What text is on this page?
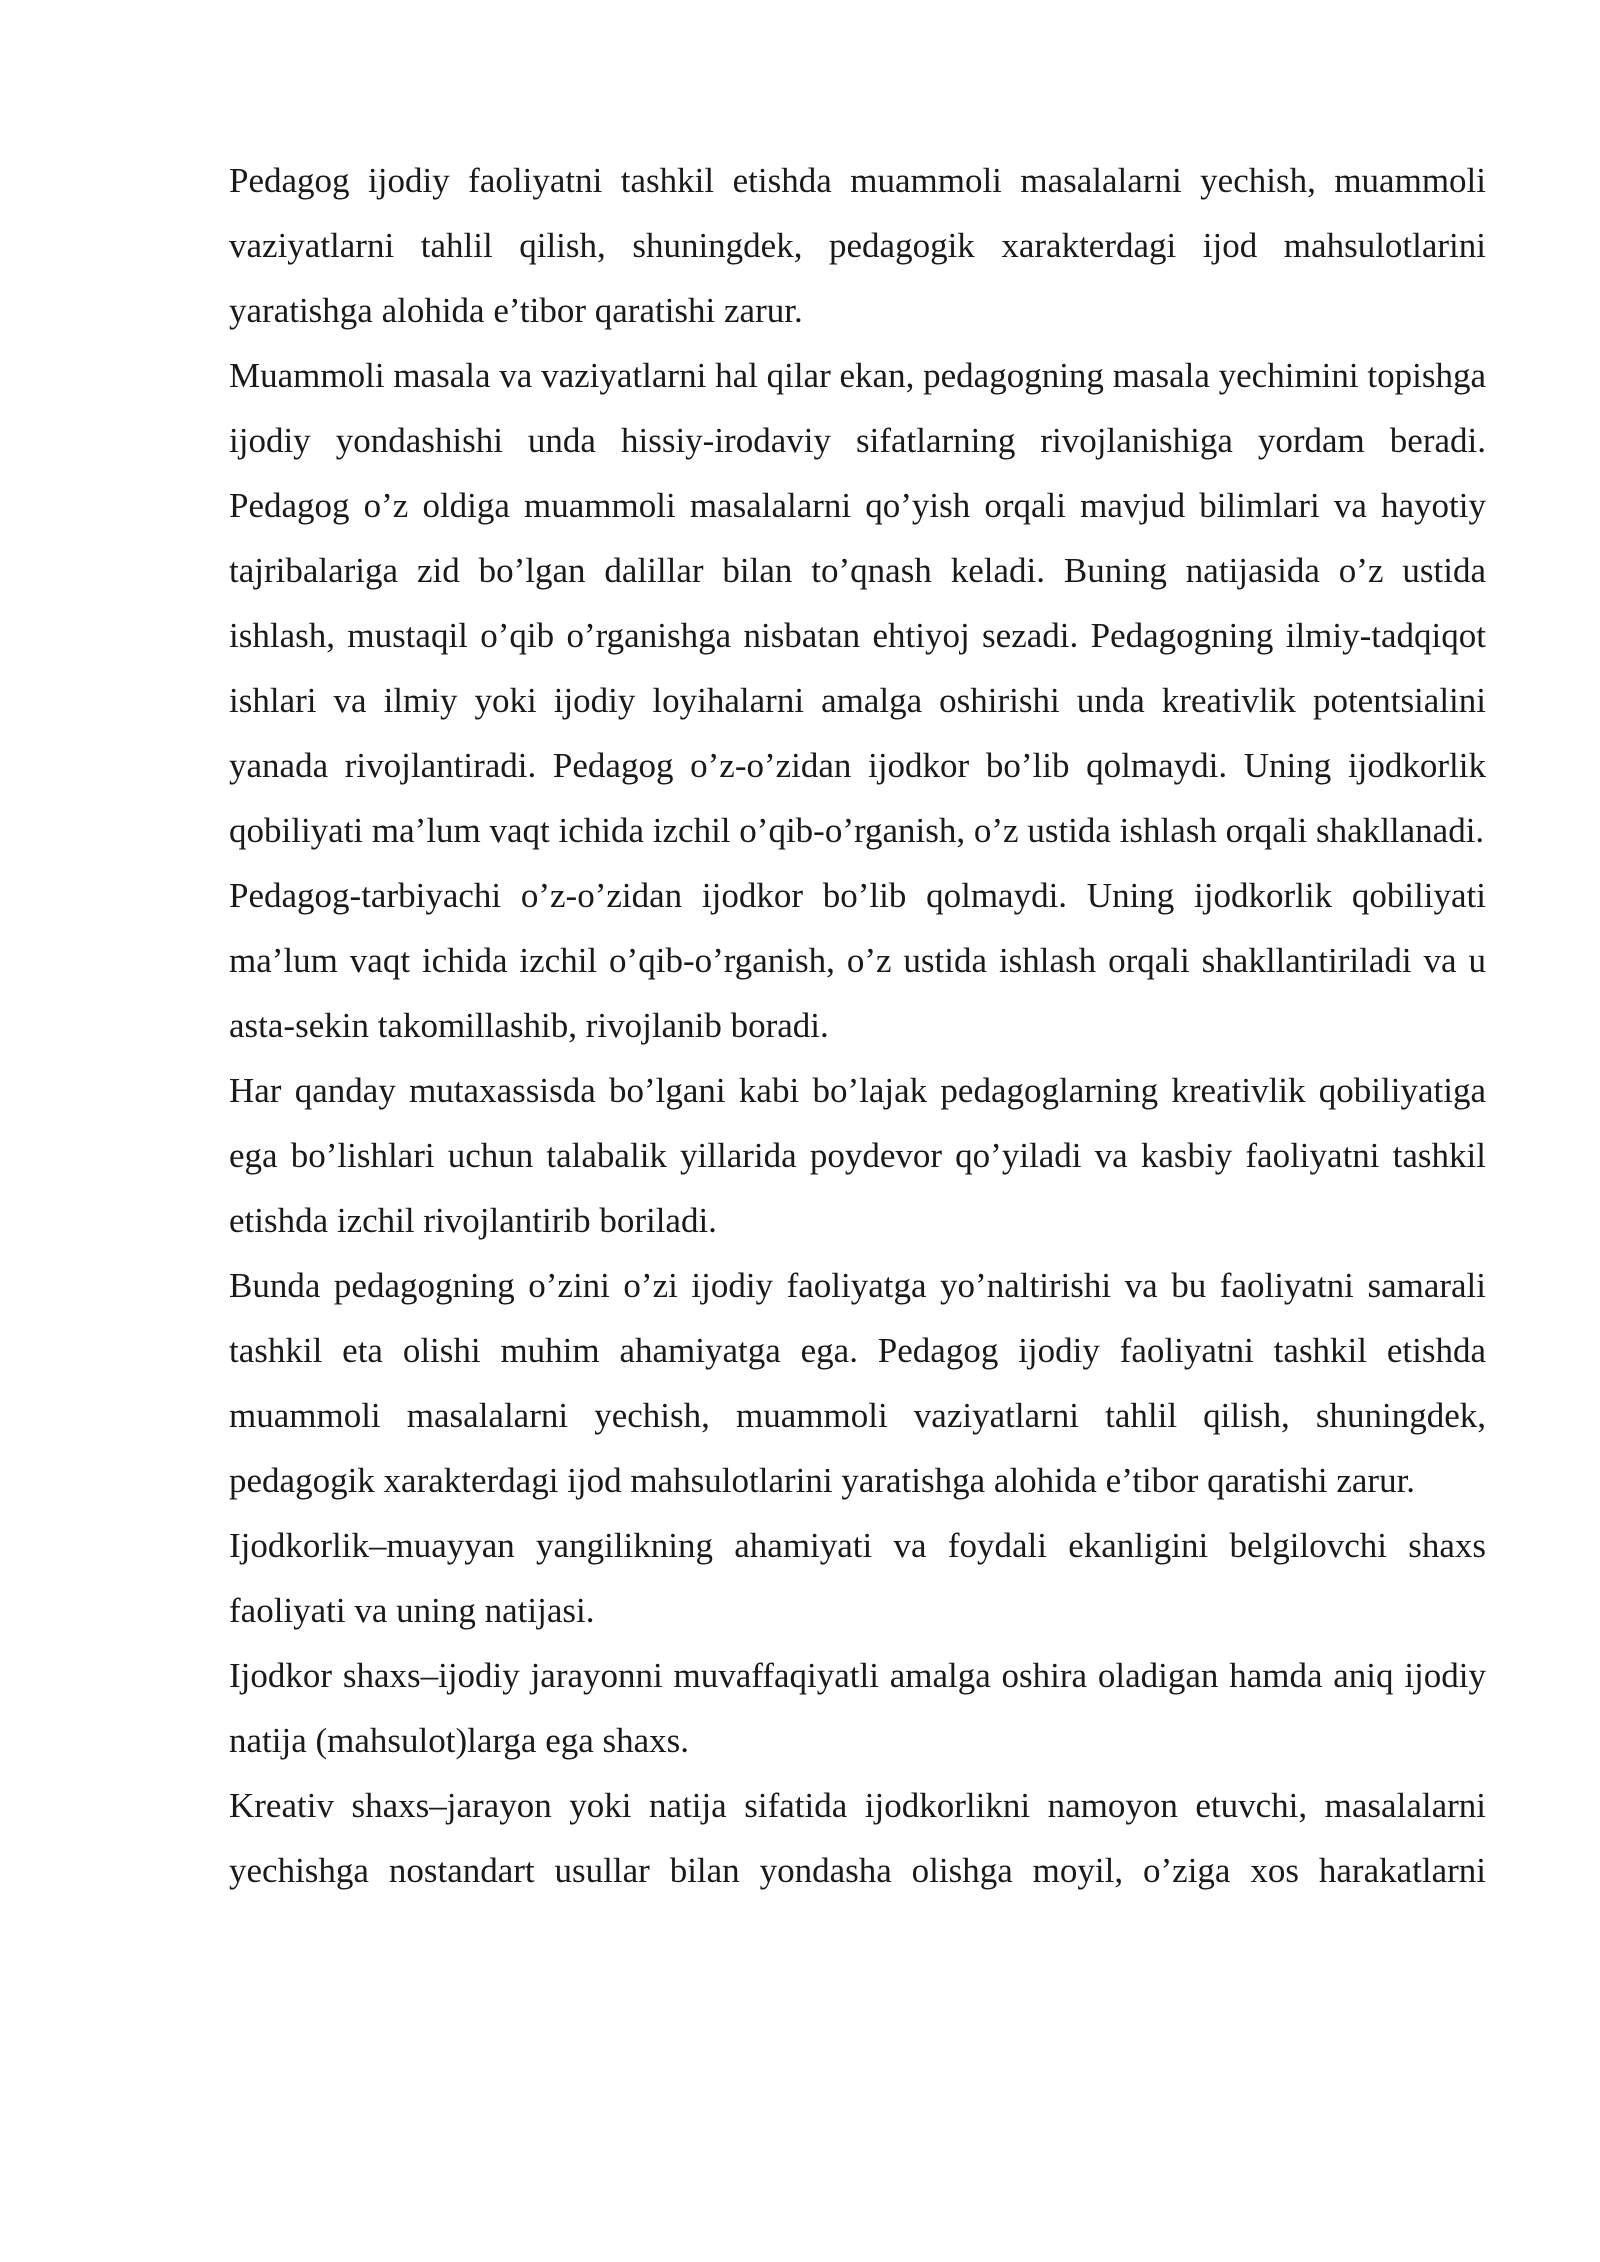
Pedagog ijodiy faoliyatni tashkil etishda muammoli masalalarni yechish, muammoli vaziyatlarni tahlil qilish, shuningdek, pedagogik xarakterdagi ijod mahsulotlarini yaratishga alohida e’tibor qaratishi zarur.

Muammoli masala va vaziyatlarni hal qilar ekan, pedagogning masala yechimini topishga ijodiy yondashishi unda hissiy-irodaviy sifatlarning rivojlanishiga yordam beradi. Pedagog o’z oldiga muammoli masalalarni qo’yish orqali mavjud bilimlari va hayotiy tajribalariga zid bo’lgan dalillar bilan to’qnash keladi. Buning natijasida o’z ustida ishlash, mustaqil o’qib o’rganishga nisbatan ehtiyoj sezadi. Pedagogning ilmiy-tadqiqot ishlari va ilmiy yoki ijodiy loyihalarni amalga oshirishi unda kreativlik potentsialini yanada rivojlantiradi. Pedagog o’z-o’zidan ijodkor bo’lib qolmaydi. Uning ijodkorlik qobiliyati ma’lum vaqt ichida izchil o’qib-o’rganish, o’z ustida ishlash orqali shakllanadi.

Pedagog-tarbiyachi o’z-o’zidan ijodkor bo’lib qolmaydi. Uning ijodkorlik qobiliyati ma’lum vaqt ichida izchil o’qib-o’rganish, o’z ustida ishlash orqali shakllantiriladi va u asta-sekin takomillashib, rivojlanib boradi.

Har qanday mutaxassisda bo’lgani kabi bo’lajak pedagoglarning kreativlik qobiliyatiga ega bo’lishlari uchun talabalik yillarida poydevor qo’yiladi va kasbiy faoliyatni tashkil etishda izchil rivojlantirib boriladi.

Bunda pedagogning o’zini o’zi ijodiy faoliyatga yo’naltirishi va bu faoliyatni samarali tashkil eta olishi muhim ahamiyatga ega. Pedagog ijodiy faoliyatni tashkil etishda muammoli masalalarni yechish, muammoli vaziyatlarni tahlil qilish, shuningdek, pedagogik xarakterdagi ijod mahsulotlarini yaratishga alohida e’tibor qaratishi zarur.

Ijodkorlik–muayyan yangilikning ahamiyati va foydali ekanligini belgilovchi shaxs faoliyati va uning natijasi.

Ijodkor shaxs–ijodiy jarayonni muvaffaqiyatli amalga oshira oladigan hamda aniq ijodiy natija (mahsulot)larga ega shaxs.

Kreativ shaxs–jarayon yoki natija sifatida ijodkorlikni namoyon etuvchi, masalalarni yechishga nostandart usullar bilan yondasha olishga moyil, o’ziga xos harakatlarni
